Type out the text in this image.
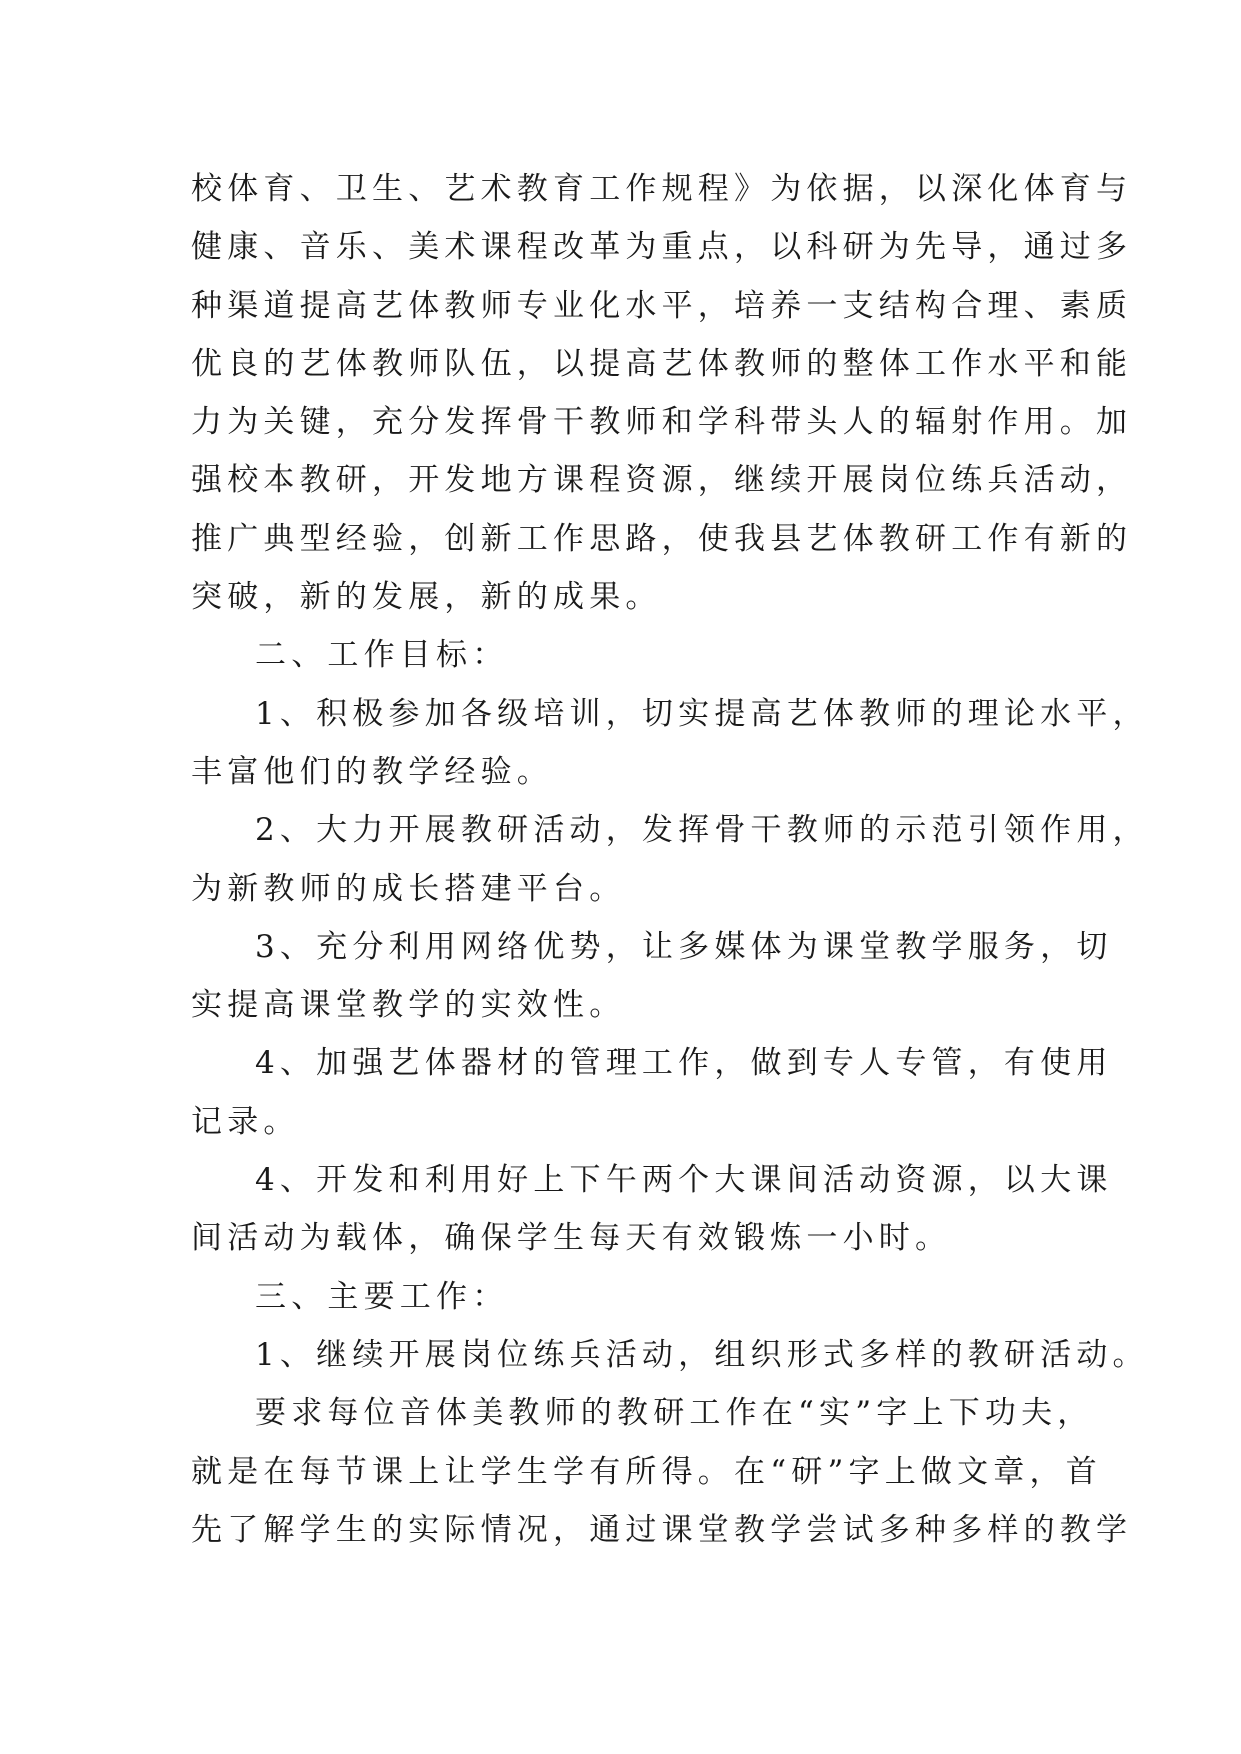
校体育、卫生、艺术教育工作规程》为依据，以深化体育与

健康、音乐、美术课程改革为重点，以科研为先导，通过多

种渠道提高艺体教师专业化水平，培养一支结构合理、素质

优良的艺体教师队伍，以提高艺体教师的整体工作水平和能

力为关键，充分发挥骨干教师和学科带头人的辐射作用。加

强校本教研，开发地方课程资源，继续开展岗位练兵活动，

推广典型经验，创新工作思路，使我县艺体教研工作有新的

突破，新的发展，新的成果。

二、工作目标：

1、积极参加各级培训，切实提高艺体教师的理论水平，

丰富他们的教学经验。

2、大力开展教研活动，发挥骨干教师的示范引领作用，

为新教师的成长搭建平台。

3、充分利用网络优势，让多媒体为课堂教学服务，切

实提高课堂教学的实效性。

4、加强艺体器材的管理工作，做到专人专管，有使用

记录。

4、开发和利用好上下午两个大课间活动资源，以大课

间活动为载体，确保学生每天有效锻炼一小时。

三、主要工作：

1、继续开展岗位练兵活动，组织形式多样的教研活动。

要求每位音体美教师的教研工作在“实”字上下功夫，

就是在每节课上让学生学有所得。在“研”字上做文章，首

先了解学生的实际情况，通过课堂教学尝试多种多样的教学
